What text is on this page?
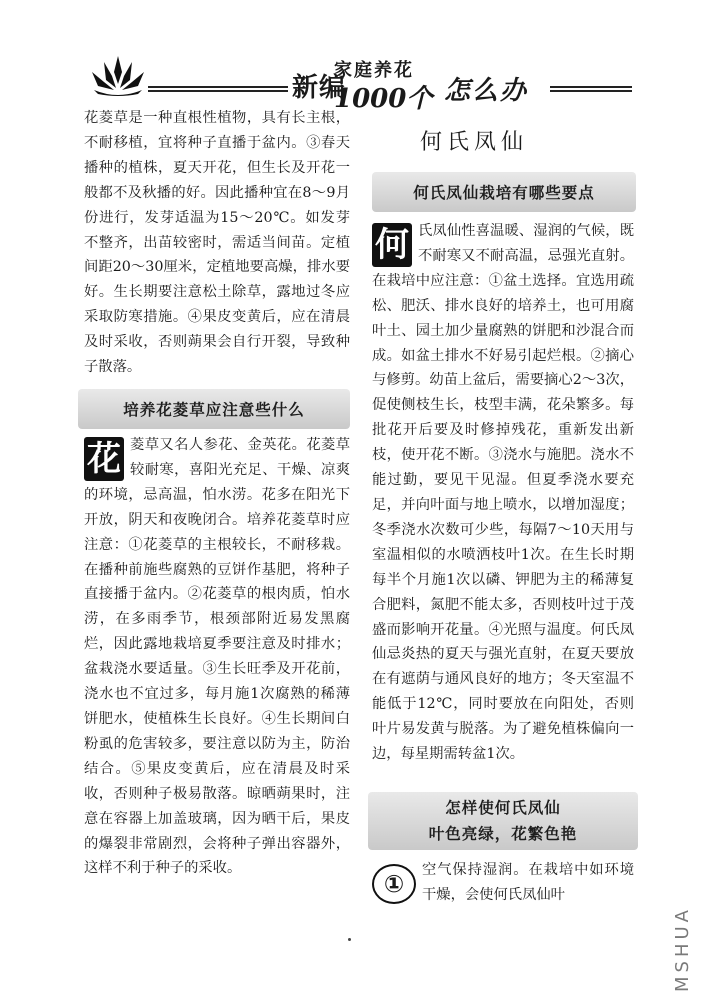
新编
家庭养花
1000个 怎么办

花菱草是一种直根性植物，具有长主根，不耐移植，宜将种子直播于盆内。③春天播种的植株，夏天开花，但生长及开花一般都不及秋播的好。因此播种宜在8～9月份进行，发芽适温为15～20℃。如发芽不整齐，出苗较密时，需适当间苗。定植间距20～30厘米，定植地要高燥，排水要好。生长期要注意松土除草，露地过冬应采取防寒措施。④果皮变黄后，应在清晨及时采收，否则蒴果会自行开裂，导致种子散落。

培养花菱草应注意些什么
花 菱草又名人参花、金英花。花菱草较耐寒，喜阳光充足、干燥、凉爽的环境，忌高温，怕水涝。花多在阳光下开放，阴天和夜晚闭合。培养花菱草时应注意：①花菱草的主根较长，不耐移栽。在播种前施些腐熟的豆饼作基肥，将种子直接播于盆内。②花菱草的根肉质，怕水涝，在多雨季节，根颈部附近易发黑腐烂，因此露地栽培夏季要注意及时排水；盆栽浇水要适量。③生长旺季及开花前，浇水也不宜过多，每月施1次腐熟的稀薄饼肥水，使植株生长良好。④生长期间白粉虱的危害较多，要注意以防为主，防治结合。⑤果皮变黄后，应在清晨及时采收，否则种子极易散落。晾晒蒴果时，注意在容器上加盖玻璃，因为晒干后，果皮的爆裂非常剧烈，会将种子弹出容器外，这样不利于种子的采收。

何氏凤仙
何氏凤仙栽培有哪些要点
何 氏凤仙性喜温暖、湿润的气候，既不耐寒又不耐高温，忌强光直射。在栽培中应注意：①盆土选择。宜选用疏松、肥沃、排水良好的培养土，也可用腐叶土、园土加少量腐熟的饼肥和沙混合而成。如盆土排水不好易引起烂根。②摘心与修剪。幼苗上盆后，需要摘心2～3次，促使侧枝生长，枝型丰满，花朵繁多。每批花开后要及时修掉残花，重新发出新枝，使开花不断。③浇水与施肥。浇水不能过勤，要见干见湿。但夏季浇水要充足，并向叶面与地上喷水，以增加湿度；冬季浇水次数可少些，每隔7～10天用与室温相似的水喷洒枝叶1次。在生长时期每半个月施1次以磷、钾肥为主的稀薄复合肥料，氮肥不能太多，否则枝叶过于茂盛而影响开花量。④光照与温度。何氏凤仙忌炎热的夏天与强光直射，在夏天要放在有遮荫与通风良好的地方；冬天室温不能低于12℃，同时要放在向阳处，否则叶片易发黄与脱落。为了避免植株偏向一边，每星期需转盆1次。

怎样使何氏凤仙
叶色亮绿，花繁色艳
①	空气保持湿润。在栽培中如环境干燥，会使何氏凤仙叶

MSHUA
